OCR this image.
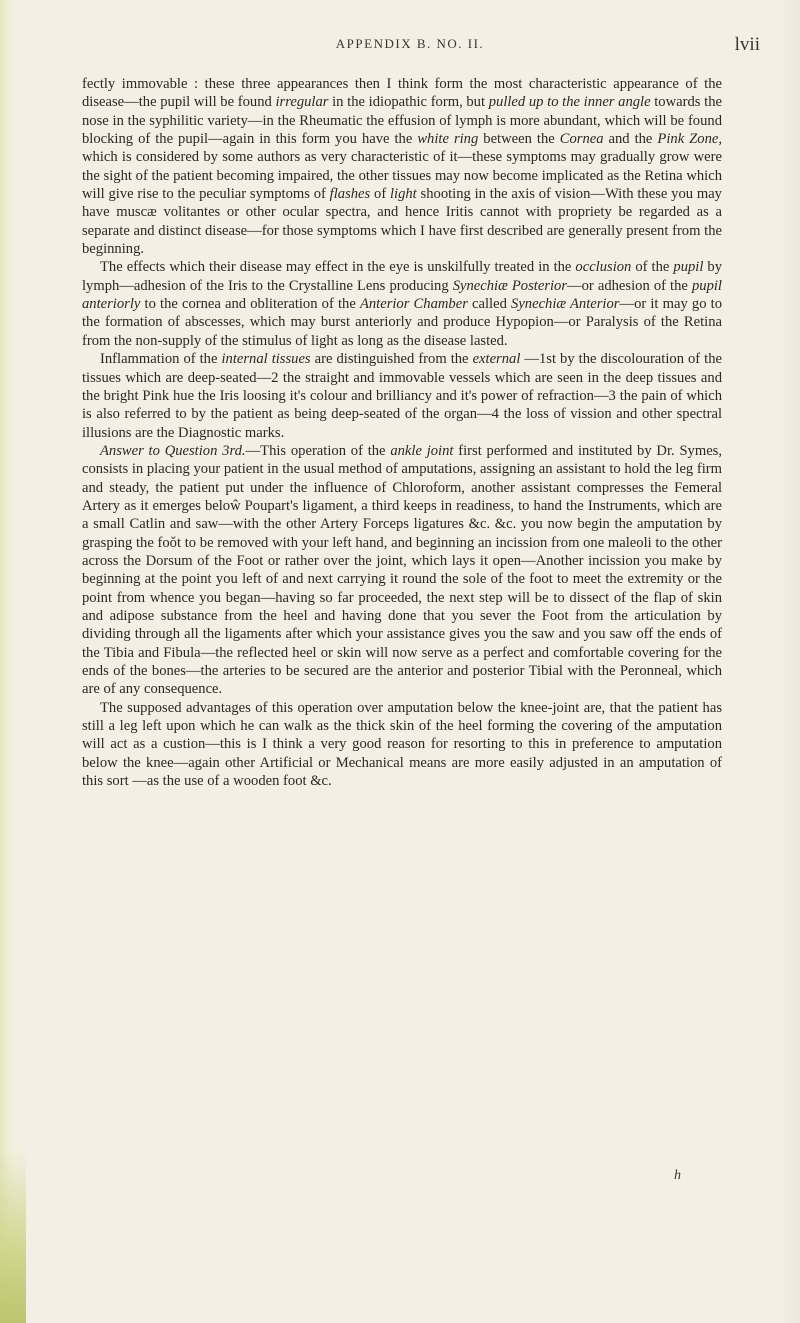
APPENDIX B. NO. II.	lvii

fectly immovable : these three appearances then I think form the most characteristic appearance of the disease—the pupil will be found irregular in the idiopathic form, but pulled up to the inner angle towards the nose in the syphilitic variety—in the Rheumatic the effusion of lymph is more abundant, which will be found blocking of the pupil—again in this form you have the white ring between the Cornea and the Pink Zone, which is considered by some authors as very characteristic of it—these symptoms may gradually grow were the sight of the patient becoming impaired, the other tissues may now become implicated as the Retina which will give rise to the peculiar symptoms of flashes of light shooting in the axis of vision—With these you may have muscæ volitantes or other ocular spectra, and hence Iritis cannot with propriety be regarded as a separate and distinct disease—for those symptoms which I have first described are generally present from the beginning.

The effects which their disease may effect in the eye is unskilfully treated in the occlusion of the pupil by lymph—adhesion of the Iris to the Crystalline Lens producing Synechiæ Posterior—or adhesion of the pupil anteriorly to the cornea and obliteration of the Anterior Chamber called Synechiæ Anterior—or it may go to the formation of abscesses, which may burst anteriorly and produce Hypopion—or Paralysis of the Retina from the non-supply of the stimulus of light as long as the disease lasted.

Inflammation of the internal tissues are distinguished from the external —1st by the discolouration of the tissues which are deep-seated—2 the straight and immovable vessels which are seen in the deep tissues and the bright Pink hue the Iris loosing it's colour and brilliancy and it's power of refraction—3 the pain of which is also referred to by the patient as being deep-seated of the organ—4 the loss of vission and other spectral illusions are the Diagnostic marks.

Answer to Question 3rd.—This operation of the ankle joint first performed and instituted by Dr. Symes, consists in placing your patient in the usual method of amputations, assigning an assistant to hold the leg firm and steady, the patient put under the influence of Chloroform, another assistant compresses the Femeral Artery as it emerges beloŵ Poupart's ligament, a third keeps in readiness, to hand the Instruments, which are a small Catlin and saw—with the other Artery Forceps ligatures &c. &c. you now begin the amputation by grasping the foǒt to be removed with your left hand, and beginning an incission from one maleoli to the other across the Dorsum of the Foot or rather over the joint, which lays it open—Another incission you make by beginning at the point you left of and next carrying it round the sole of the foot to meet the extremity or the point from whence you began—having so far proceeded, the next step will be to dissect of the flap of skin and adipose substance from the heel and having done that you sever the Foot from the articulation by dividing through all the ligaments after which your assistance gives you the saw and you saw off the ends of the Tibia and Fibula—the reflected heel or skin will now serve as a perfect and comfortable covering for the ends of the bones—the arteries to be secured are the anterior and posterior Tibial with the Peronneal, which are of any consequence.

The supposed advantages of this operation over amputation below the knee-joint are, that the patient has still a leg left upon which he can walk as the thick skin of the heel forming the covering of the amputation will act as a custion—this is I think a very good reason for resorting to this in preference to amputation below the knee—again other Artificial or Mechanical means are more easily adjusted in an amputation of this sort —as the use of a wooden foot &c.

h
